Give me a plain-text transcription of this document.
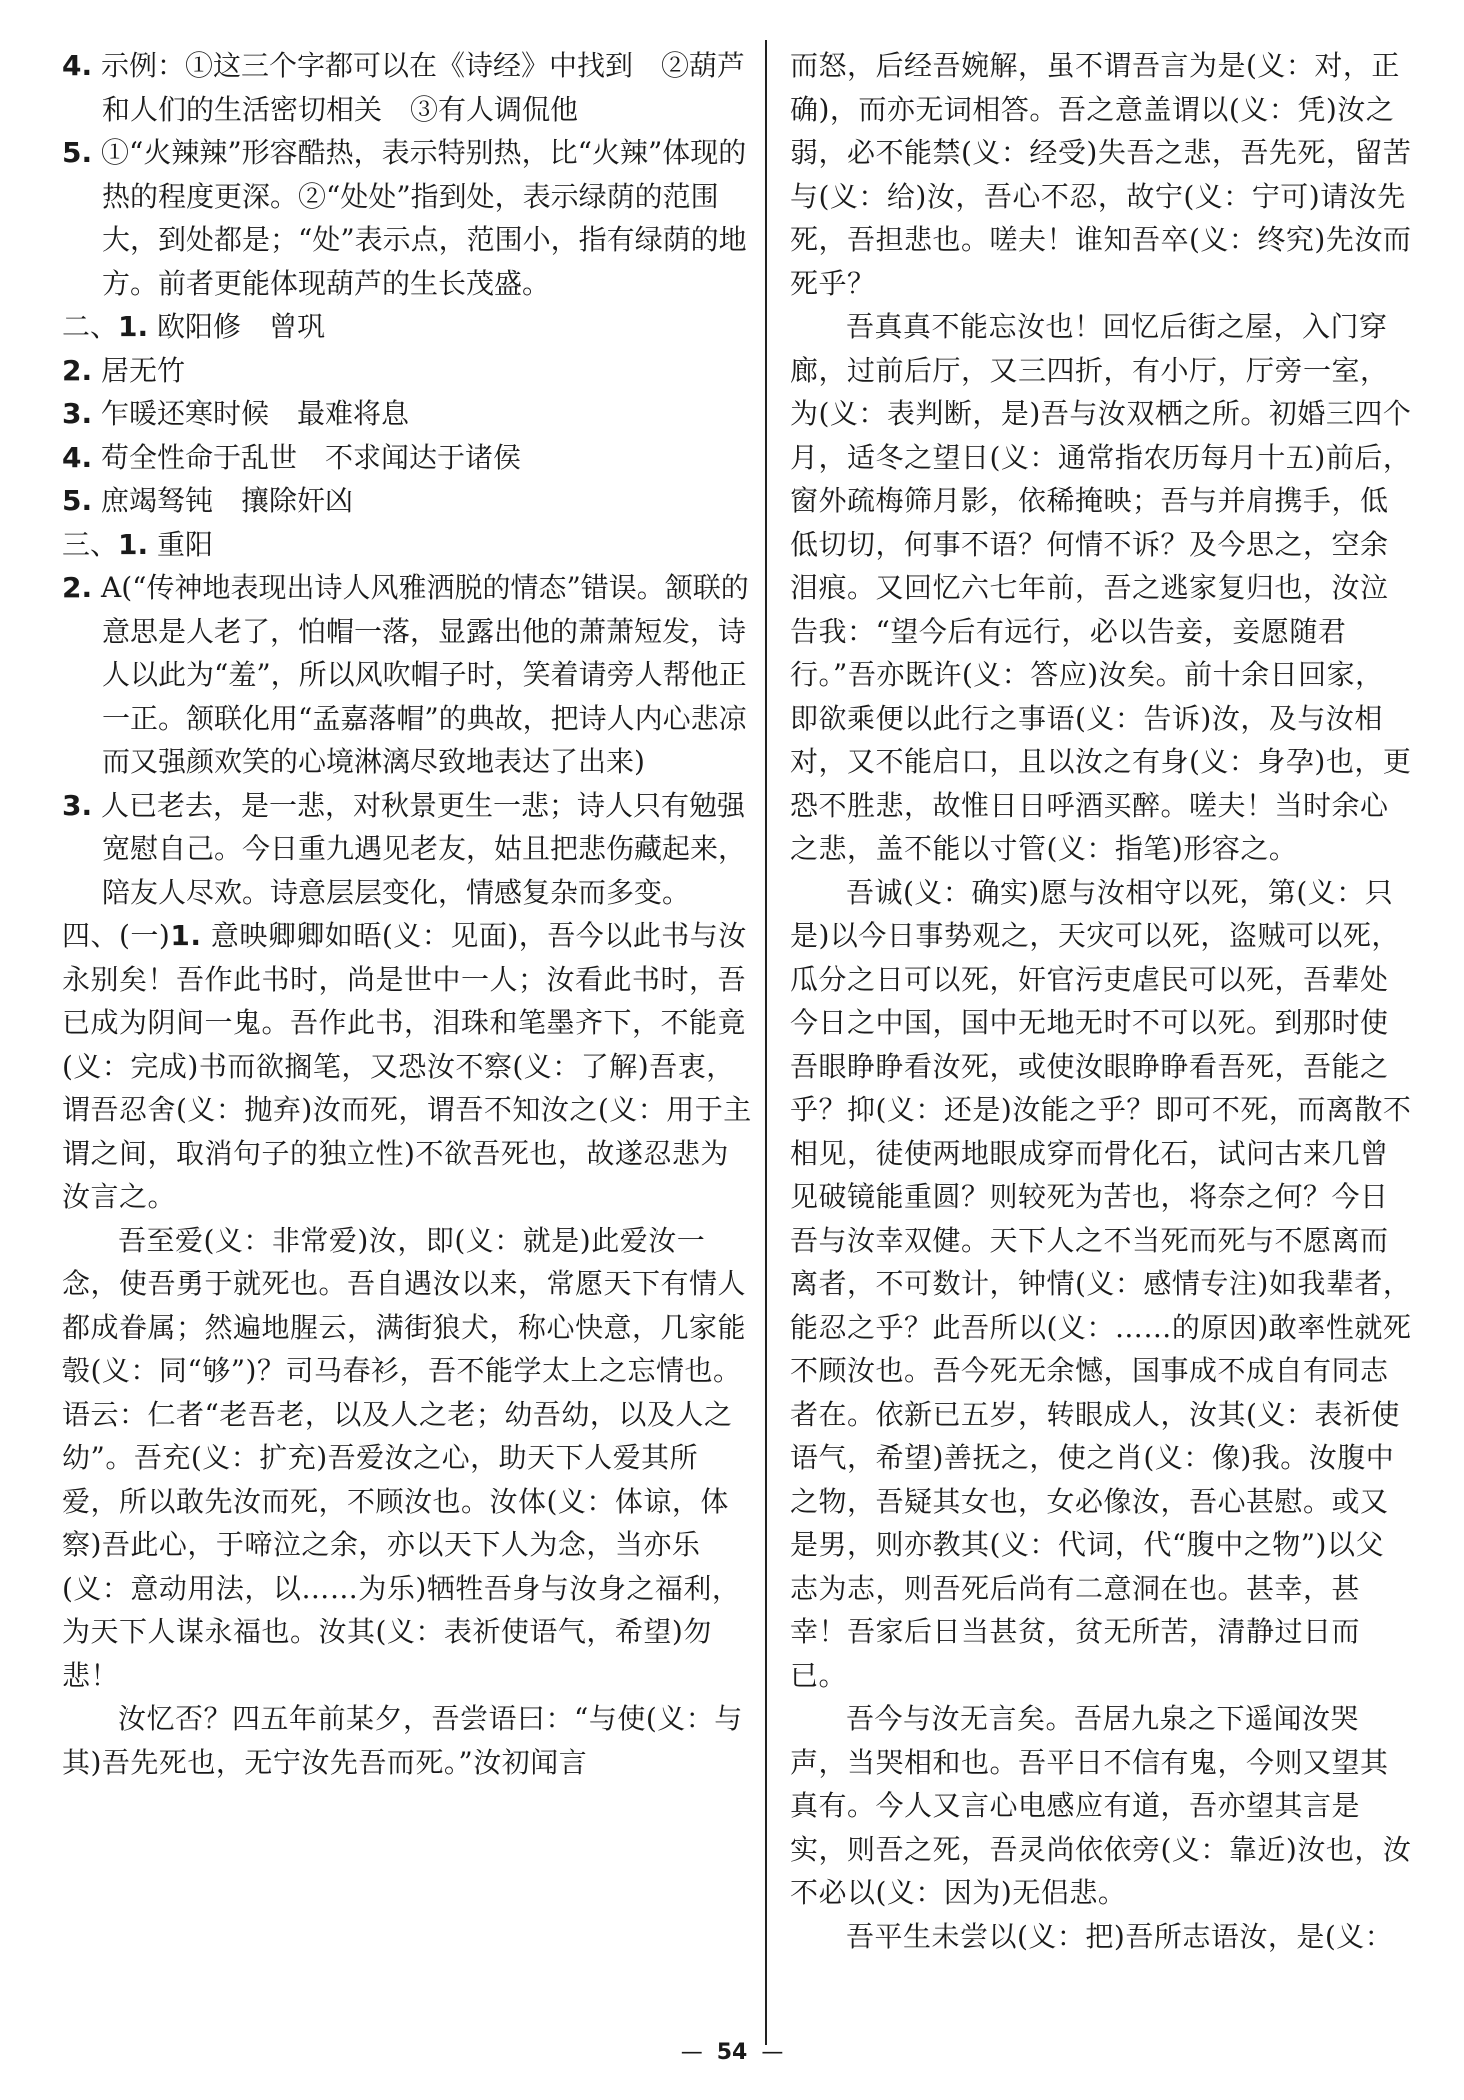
4. 示例：①这三个字都可以在《诗经》中找到　②葫芦和人们的生活密切相关　③有人调侃他

5. ①“火辣辣”形容酷热，表示特别热，比“火辣”体现的热的程度更深。②“处处”指到处，表示绿荫的范围大，到处都是；“处”表示点，范围小，指有绿荫的地方。前者更能体现葫芦的生长茂盛。

二、1. 欧阳修　曾巩

2. 居无竹

3. 乍暖还寒时候　最难将息

4. 苟全性命于乱世　不求闻达于诸侯

5. 庶竭驽钝　攘除奸凶

三、1. 重阳

2. A(“传神地表现出诗人风雅洒脱的情态”错误。颔联的意思是人老了，怕帽一落，显露出他的萧萧短发，诗人以此为“羞”，所以风吹帽子时，笑着请旁人帮他正一正。颔联化用“孟嘉落帽”的典故，把诗人内心悲凉而又强颜欢笑的心境淋漓尽致地表达了出来)

3. 人已老去，是一悲，对秋景更生一悲；诗人只有勉强宽慰自己。今日重九遇见老友，姑且把悲伤藏起来，陪友人尽欢。诗意层层变化，情感复杂而多变。

四、(一)1. 意映卿卿如晤(义：见面)，吾今以此书与汝永别矣！吾作此书时，尚是世中一人；汝看此书时，吾已成为阴间一鬼。吾作此书，泪珠和笔墨齐下，不能竟(义：完成)书而欲搁笔，又恐汝不察(义：了解)吾衷，谓吾忍舍(义：抛弃)汝而死，谓吾不知汝之(义：用于主谓之间，取消句子的独立性)不欲吾死也，故遂忍悲为汝言之。

吾至爱(义：非常爱)汝，即(义：就是)此爱汝一念，使吾勇于就死也。吾自遇汝以来，常愿天下有情人都成眷属；然遍地腥云，满街狼犬，称心快意，几家能彀(义：同“够”)？司马春衫，吾不能学太上之忘情也。语云：仁者“老吾老，以及人之老；幼吾幼，以及人之幼”。吾充(义：扩充)吾爱汝之心，助天下人爱其所爱，所以敢先汝而死，不顾汝也。汝体(义：体谅，体察)吾此心，于啼泣之余，亦以天下人为念，当亦乐(义：意动用法，以……为乐)牺牲吾身与汝身之福利，为天下人谋永福也。汝其(义：表祈使语气，希望)勿悲！

汝忆否？四五年前某夕，吾尝语曰：“与使(义：与其)吾先死也，无宁汝先吾而死。”汝初闻言

而怒，后经吾婉解，虽不谓吾言为是(义：对，正确)，而亦无词相答。吾之意盖谓以(义：凭)汝之弱，必不能禁(义：经受)失吾之悲，吾先死，留苦与(义：给)汝，吾心不忍，故宁(义：宁可)请汝先死，吾担悲也。嗟夫！谁知吾卒(义：终究)先汝而死乎？

吾真真不能忘汝也！回忆后街之屋，入门穿廊，过前后厅，又三四折，有小厅，厅旁一室，为(义：表判断，是)吾与汝双栖之所。初婚三四个月，适冬之望日(义：通常指农历每月十五)前后，窗外疏梅筛月影，依稀掩映；吾与并肩携手，低低切切，何事不语？何情不诉？及今思之，空余泪痕。又回忆六七年前，吾之逃家复归也，汝泣告我：“望今后有远行，必以告妾，妾愿随君行。”吾亦既许(义：答应)汝矣。前十余日回家，即欲乘便以此行之事语(义：告诉)汝，及与汝相对，又不能启口，且以汝之有身(义：身孕)也，更恐不胜悲，故惟日日呼酒买醉。嗟夫！当时余心之悲，盖不能以寸管(义：指笔)形容之。

吾诚(义：确实)愿与汝相守以死，第(义：只是)以今日事势观之，天灾可以死，盗贼可以死，瓜分之日可以死，奸官污吏虐民可以死，吾辈处今日之中国，国中无地无时不可以死。到那时使吾眼睁睁看汝死，或使汝眼睁睁看吾死，吾能之乎？抑(义：还是)汝能之乎？即可不死，而离散不相见，徒使两地眼成穿而骨化石，试问古来几曾见破镜能重圆？则较死为苦也，将奈之何？今日吾与汝幸双健。天下人之不当死而死与不愿离而离者，不可数计，钟情(义：感情专注)如我辈者，能忍之乎？此吾所以(义：……的原因)敢率性就死不顾汝也。吾今死无余憾，国事成不成自有同志者在。依新已五岁，转眼成人，汝其(义：表祈使语气，希望)善抚之，使之肖(义：像)我。汝腹中之物，吾疑其女也，女必像汝，吾心甚慰。或又是男，则亦教其(义：代词，代“腹中之物”)以父志为志，则吾死后尚有二意洞在也。甚幸，甚幸！吾家后日当甚贫，贫无所苦，清静过日而已。

吾今与汝无言矣。吾居九泉之下遥闻汝哭声，当哭相和也。吾平日不信有鬼，今则又望其真有。今人又言心电感应有道，吾亦望其言是实，则吾之死，吾灵尚依依旁(义：靠近)汝也，汝不必以(义：因为)无侣悲。

吾平生未尝以(义：把)吾所志语汝，是(义：

— 54 —
